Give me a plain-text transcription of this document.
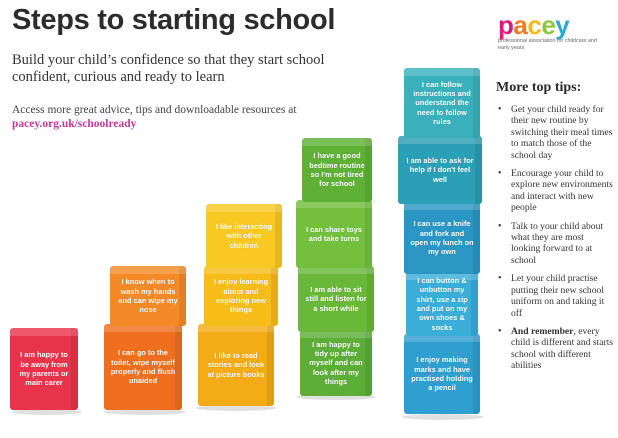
Steps to starting school
Build your child’s confidence so that they start school confident, curious and ready to learn
Access more great advice, tips and downloadable resources at
pacey.org.uk/schoolready
pacey
professional association for childcare and early years
More top tips:
• Get your child ready for their new routine by switching their meal times to match those of the school day
• Encourage your child to explore new environments and interact with new people
• Talk to your child about what they are most looking forward to at school
• Let your child practise putting their new school uniform on and taking it off
• And remember, every child is different and starts school with different abilities
I am happy to be away from my parents or main carer
I can go to the toilet, wipe myself properly and flush unaided
I know when to wash my hands and can wipe my nose
I like to read stories and look at picture books
I enjoy learning about and exploring new things
I like interacting with other children
I am happy to tidy up after myself and can look after my things
I am able to sit still and listen for a short while
I can share toys and take turns
I have a good bedtime routine so I'm not tired for school
I enjoy making marks and have practised holding a pencil
I can button & unbutton my shirt, use a zip and put on my own shoes & socks
I can use a knife and fork and open my lunch on my own
I am able to ask for help if I don't feel well
I can follow instructions and understand the need to follow rules
